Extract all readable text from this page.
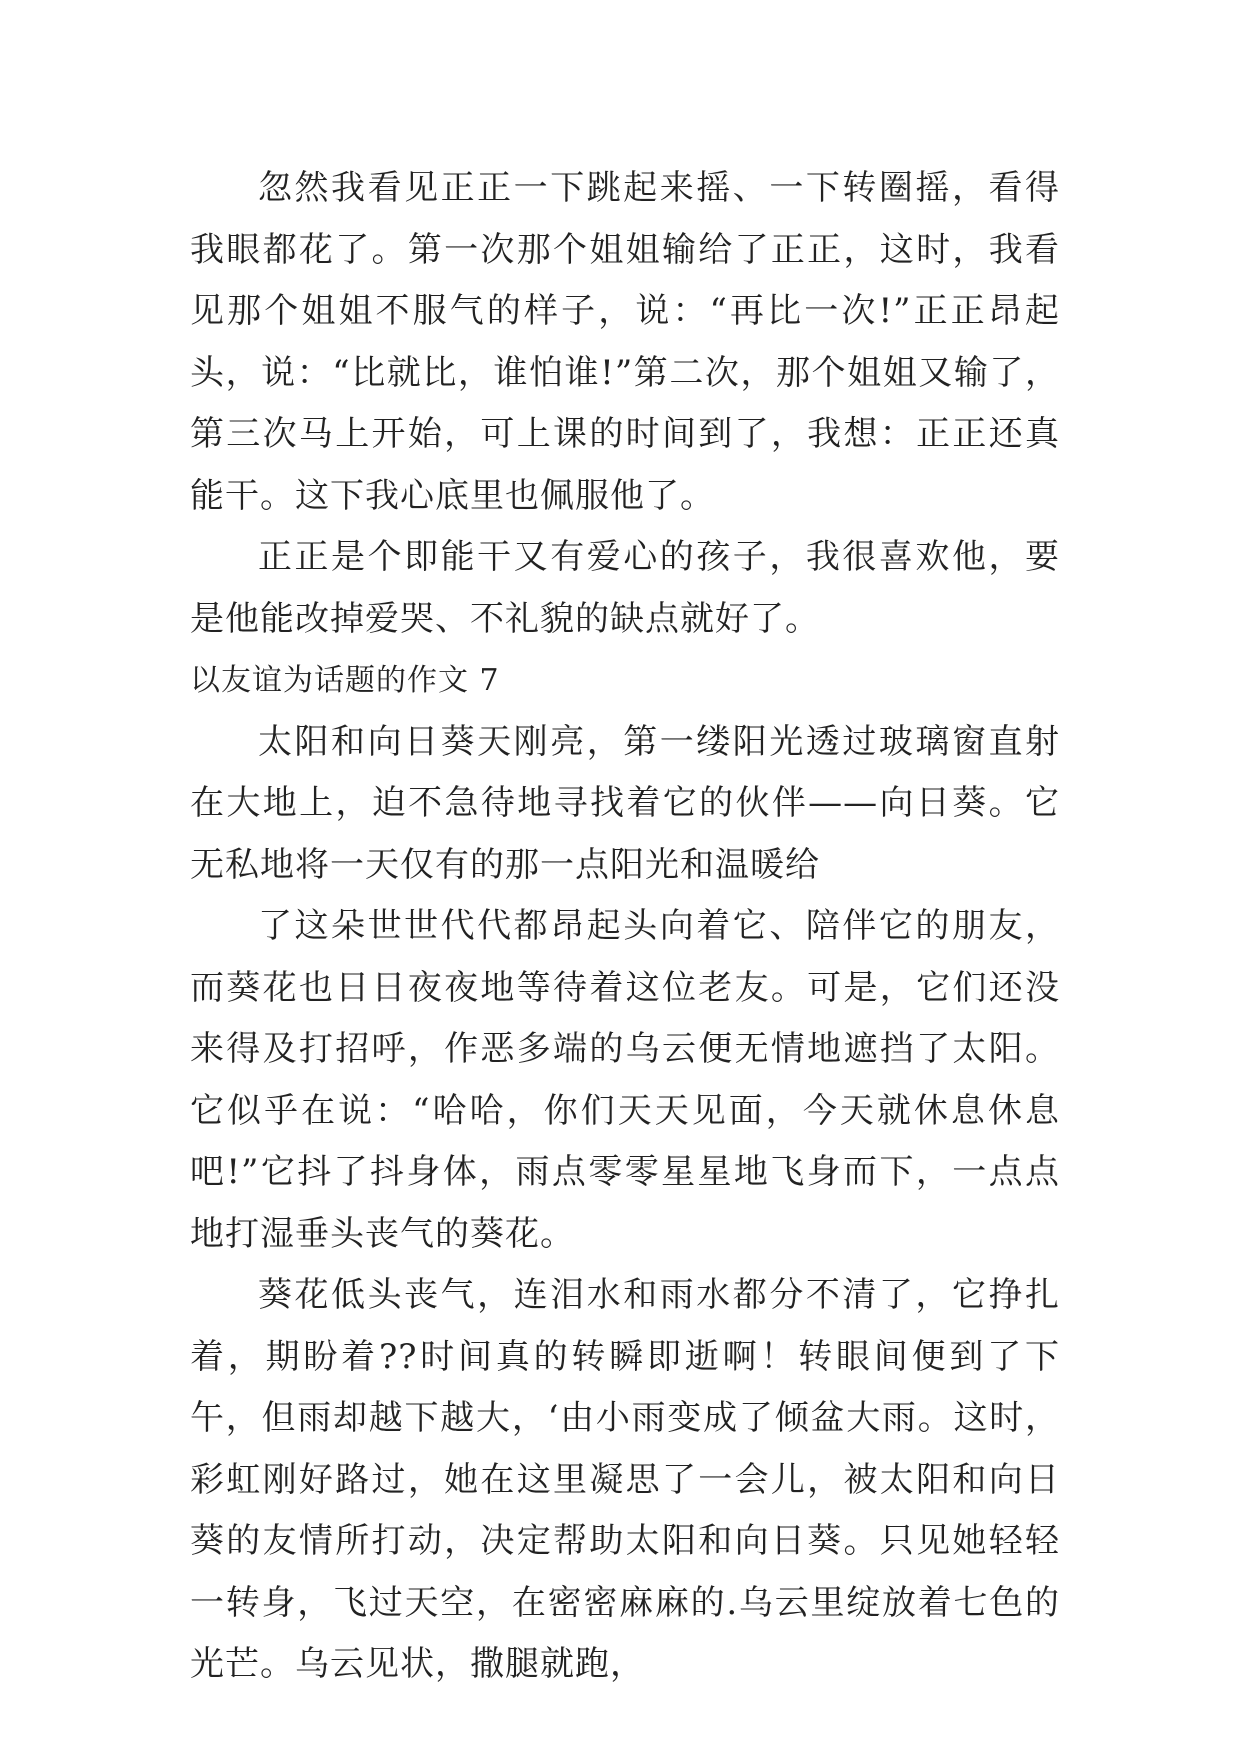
忽然我看见正正一下跳起来摇、一下转圈摇，看得我眼都花了。第一次那个姐姐输给了正正，这时，我看见那个姐姐不服气的样子，说：“再比一次!”正正昂起头，说：“比就比，谁怕谁!”第二次，那个姐姐又输了，第三次马上开始，可上课的时间到了，我想：正正还真能干。这下我心底里也佩服他了。

正正是个即能干又有爱心的孩子，我很喜欢他，要是他能改掉爱哭、不礼貌的缺点就好了。

以友谊为话题的作文 7

太阳和向日葵天刚亮，第一缕阳光透过玻璃窗直射在大地上，迫不急待地寻找着它的伙伴——向日葵。它无私地将一天仅有的那一点阳光和温暖给

了这朵世世代代都昂起头向着它、陪伴它的朋友，而葵花也日日夜夜地等待着这位老友。可是，它们还没来得及打招呼，作恶多端的乌云便无情地遮挡了太阳。它似乎在说：“哈哈，你们天天见面，今天就休息休息吧!”它抖了抖身体，雨点零零星星地飞身而下，一点点地打湿垂头丧气的葵花。

葵花低头丧气，连泪水和雨水都分不清了，它挣扎着，期盼着??时间真的转瞬即逝啊！转眼间便到了下午，但雨却越下越大，‘由小雨变成了倾盆大雨。这时，彩虹刚好路过，她在这里凝思了一会儿，被太阳和向日葵的友情所打动，决定帮助太阳和向日葵。只见她轻轻一转身，飞过天空，在密密麻麻的.乌云里绽放着七色的光芒。乌云见状，撒腿就跑，
